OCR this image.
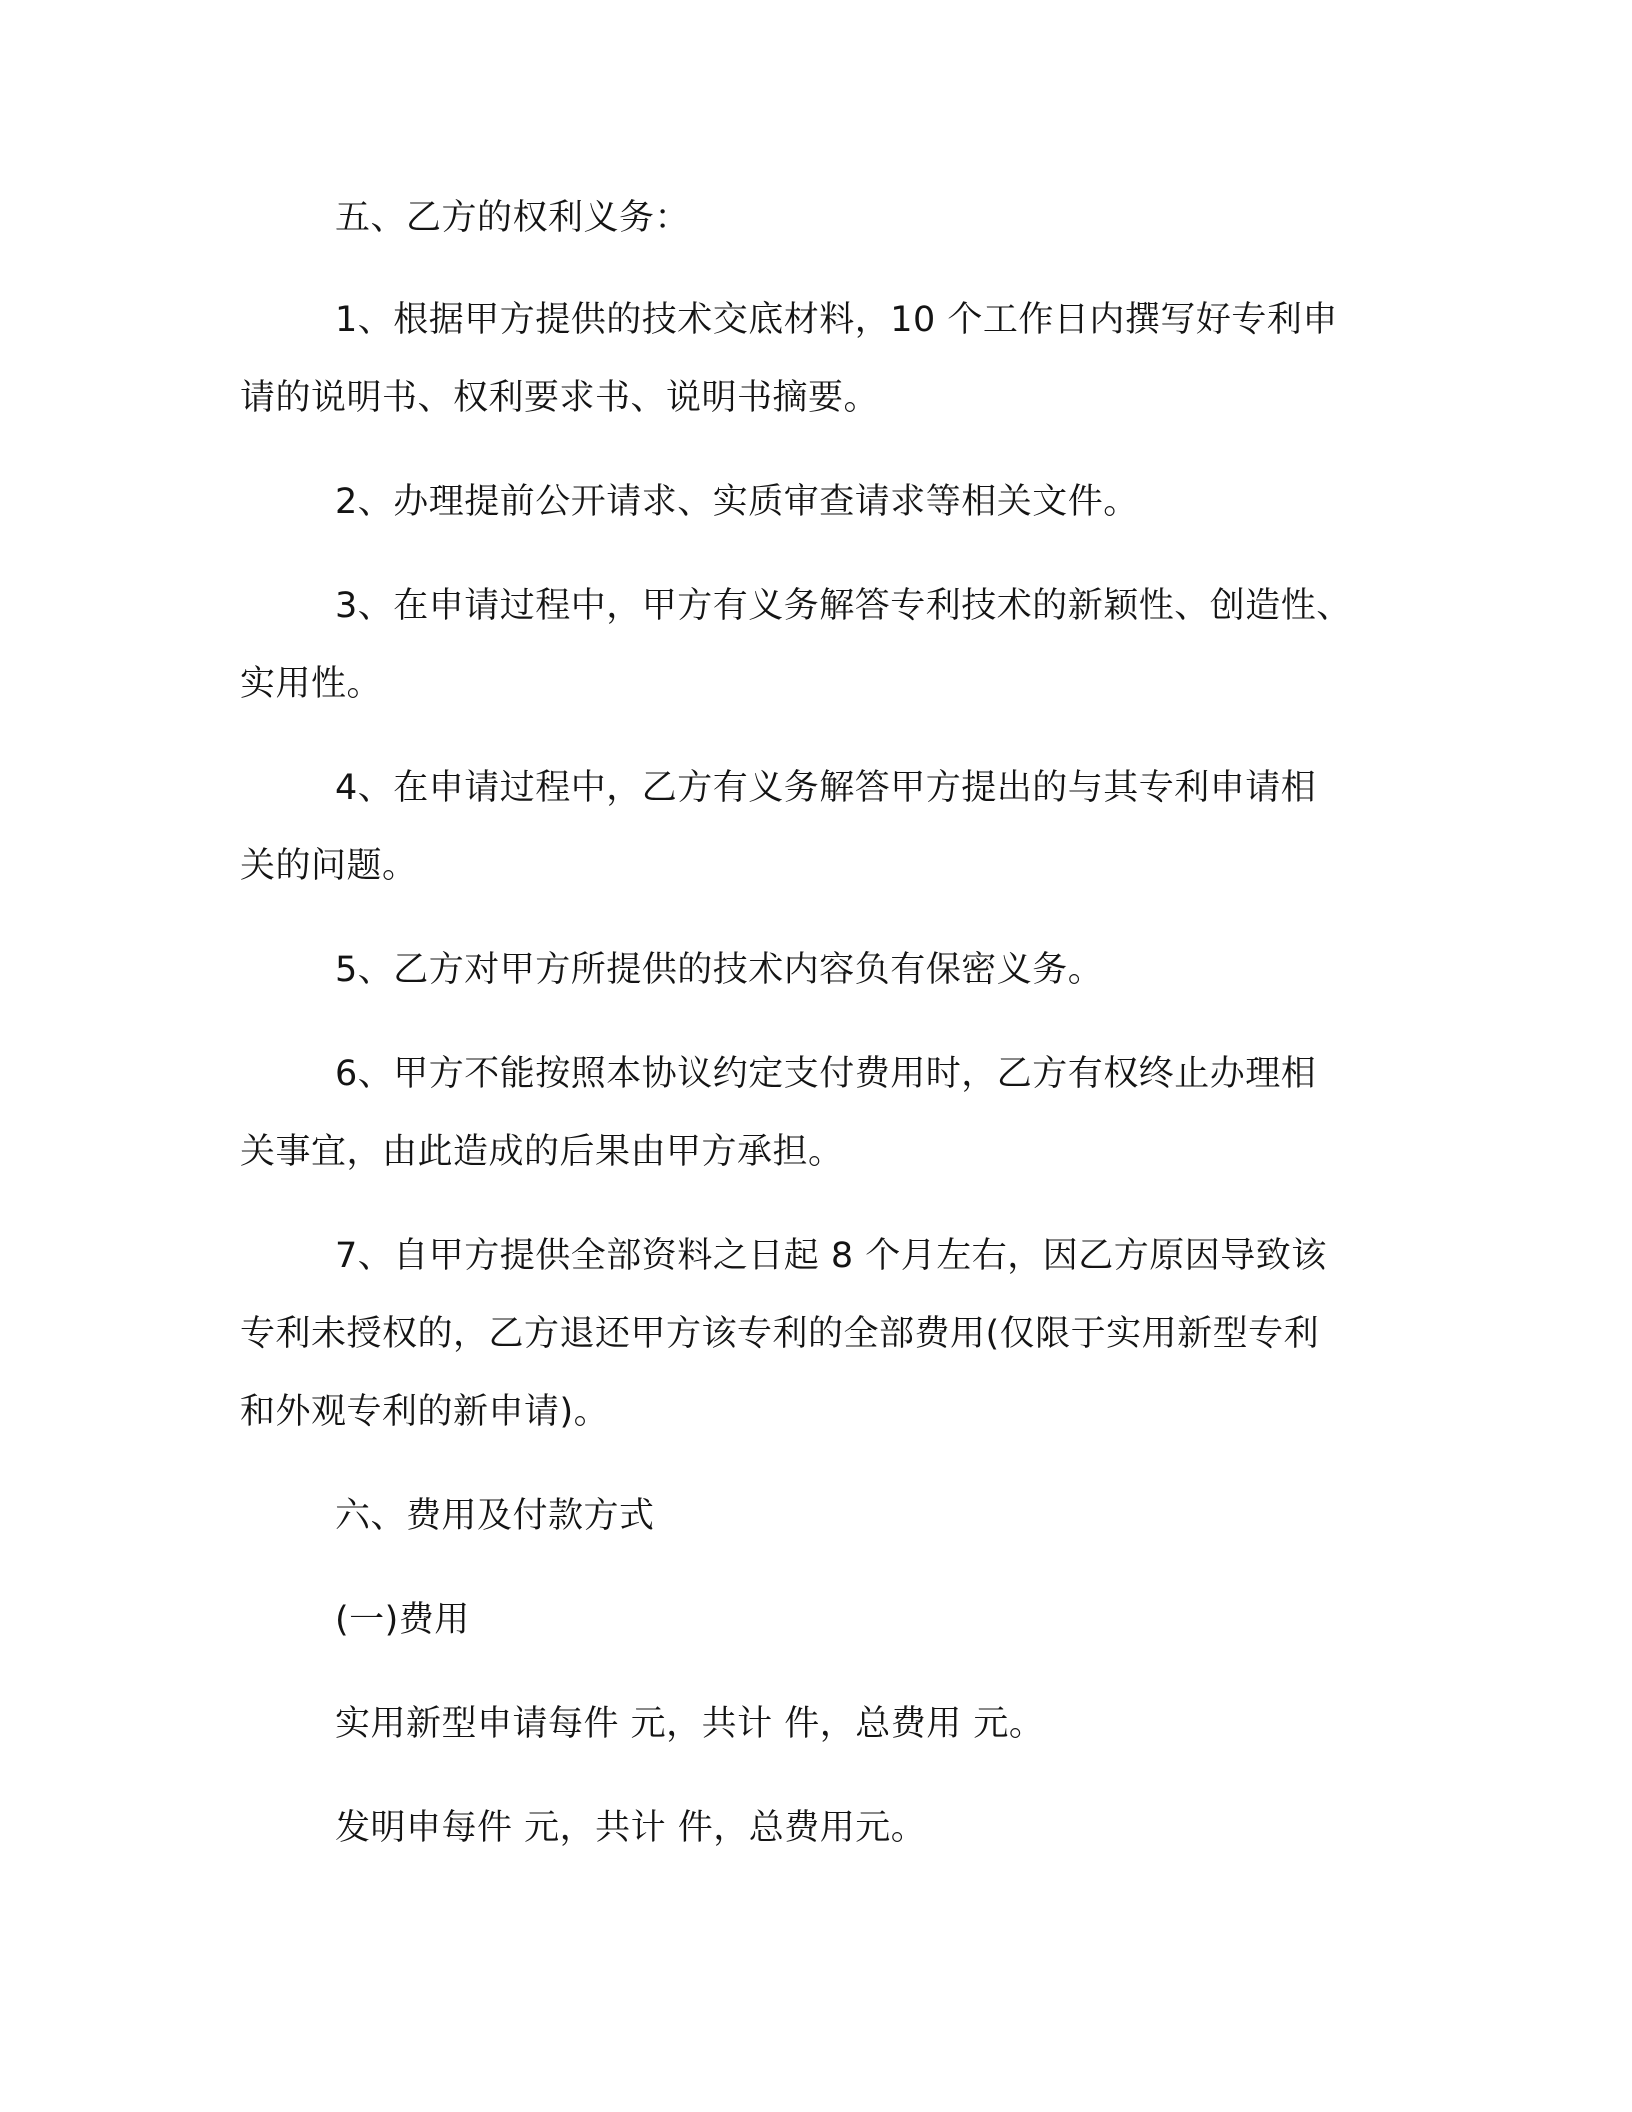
五、乙方的权利义务：

1、根据甲方提供的技术交底材料，10 个工作日内撰写好专利申

请的说明书、权利要求书、说明书摘要。

2、办理提前公开请求、实质审查请求等相关文件。

3、在申请过程中，甲方有义务解答专利技术的新颖性、创造性、

实用性。

4、在申请过程中，乙方有义务解答甲方提出的与其专利申请相

关的问题。

5、乙方对甲方所提供的技术内容负有保密义务。

6、甲方不能按照本协议约定支付费用时，乙方有权终止办理相

关事宜，由此造成的后果由甲方承担。

7、自甲方提供全部资料之日起 8 个月左右，因乙方原因导致该

专利未授权的，乙方退还甲方该专利的全部费用(仅限于实用新型专利

和外观专利的新申请)。

六、费用及付款方式

(一)费用

实用新型申请每件 元，共计 件，总费用 元。

发明申每件 元，共计 件，总费用元。
